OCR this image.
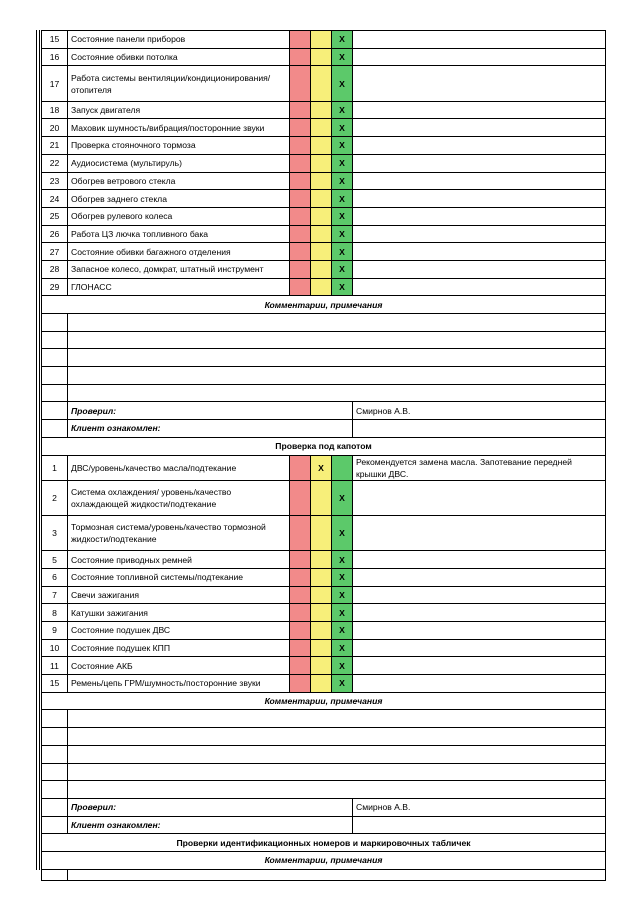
15	Состояние панели приборов			X	
16	Состояние обивки потолка			X	
17	Работа системы вентиляции/кондиционирования/ отопителя			X	
18	Запуск двигателя			X	
20	Маховик шумность/вибрация/посторонние звуки			X	
21	Проверка стояночного тормоза			X	
22	Аудиосистема (мультируль)			X	
23	Обогрев ветрового стекла			X	
24	Обогрев заднего стекла			X	
25	Обогрев рулевого колеса			X	
26	Работа ЦЗ лючка топливного бака			X	
27	Состояние обивки багажного отделения			X	
28	Запасное колесо, домкрат, штатный инструмент			X	
29	ГЛОНАСС			X	
Комментарии, примечания					

	Проверил:				Смирнов А.В.
	Клиент ознакомлен:				
Проверка под капотом					
1	ДВС/уровень/качество масла/подтекание		X		Рекомендуется замена масла. Запотевание передней крышки ДВС.
2	Система охлаждения/ уровень/качество охлаждающей жидкости/подтекание			X	
3	Тормозная система/уровень/качество тормозной жидкости/подтекание			X	
5	Состояние приводных ремней			X	
6	Состояние топливной системы/подтекание			X	
7	Свечи зажигания			X	
8	Катушки зажигания			X	
9	Состояние подушек ДВС			X	
10	Состояние подушек КПП			X	
11	Состояние АКБ			X	
15	Ремень/цепь ГРМ/шумность/посторонние звуки			X	
Комментарии, примечания					

	Проверил:				Смирнов А.В.
	Клиент ознакомлен:				
Проверки идентификационных номеров и маркировочных табличек					
Комментарии, примечания					
